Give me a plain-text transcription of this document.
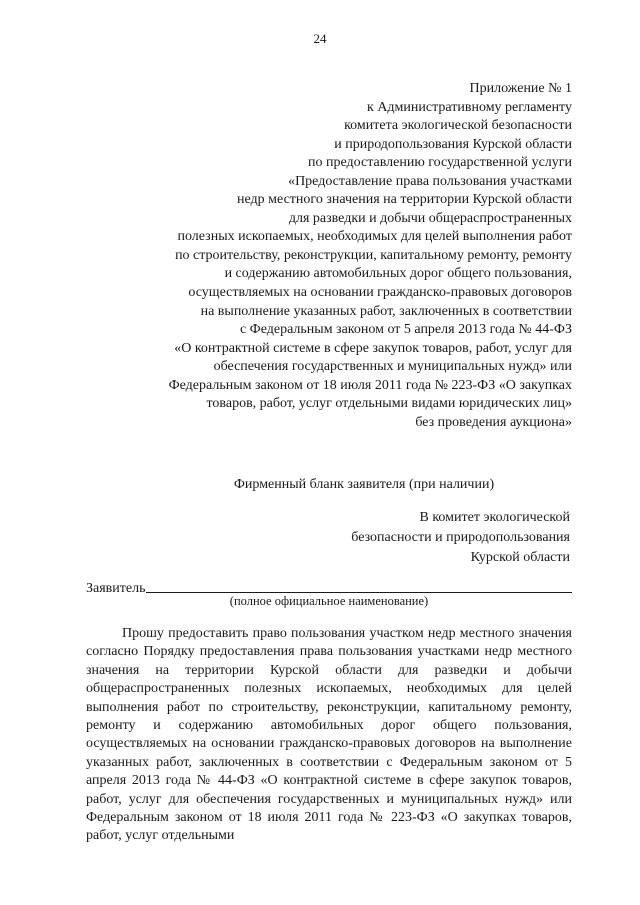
24
Приложение № 1
к Административному регламенту
комитета экологической безопасности
и природопользования Курской области
по предоставлению государственной услуги
«Предоставление права пользования участками
недр местного значения на территории Курской области
для разведки и добычи общераспространенных
полезных ископаемых, необходимых для целей выполнения работ
по строительству, реконструкции, капитальному ремонту, ремонту
и содержанию автомобильных дорог общего пользования,
осуществляемых на основании гражданско-правовых договоров
на выполнение указанных работ, заключенных в соответствии
с Федеральным законом от 5 апреля 2013 года № 44-ФЗ
«О контрактной системе в сфере закупок товаров, работ, услуг для
обеспечения государственных и муниципальных нужд» или
Федеральным законом от 18 июля 2011 года № 223-ФЗ «О закупках
товаров, работ, услуг отдельными видами юридических лиц»
без проведения аукциона»
Фирменный бланк заявителя (при наличии)
В комитет экологической
безопасности и природопользования
Курской области
Заявитель
(полное официальное наименование)
Прошу предоставить право пользования участком недр местного значения согласно Порядку предоставления права пользования участками недр местного значения на территории Курской области для разведки и добычи общераспространенных полезных ископаемых, необходимых для целей выполнения работ по строительству, реконструкции, капитальному ремонту, ремонту и содержанию автомобильных дорог общего пользования, осуществляемых на основании гражданско-правовых договоров на выполнение указанных работ, заключенных в соответствии с Федеральным законом от 5 апреля 2013 года № 44-ФЗ «О контрактной системе в сфере закупок товаров, работ, услуг для обеспечения государственных и муниципальных нужд» или Федеральным законом от 18 июля 2011 года № 223-ФЗ «О закупках товаров, работ, услуг отдельными
